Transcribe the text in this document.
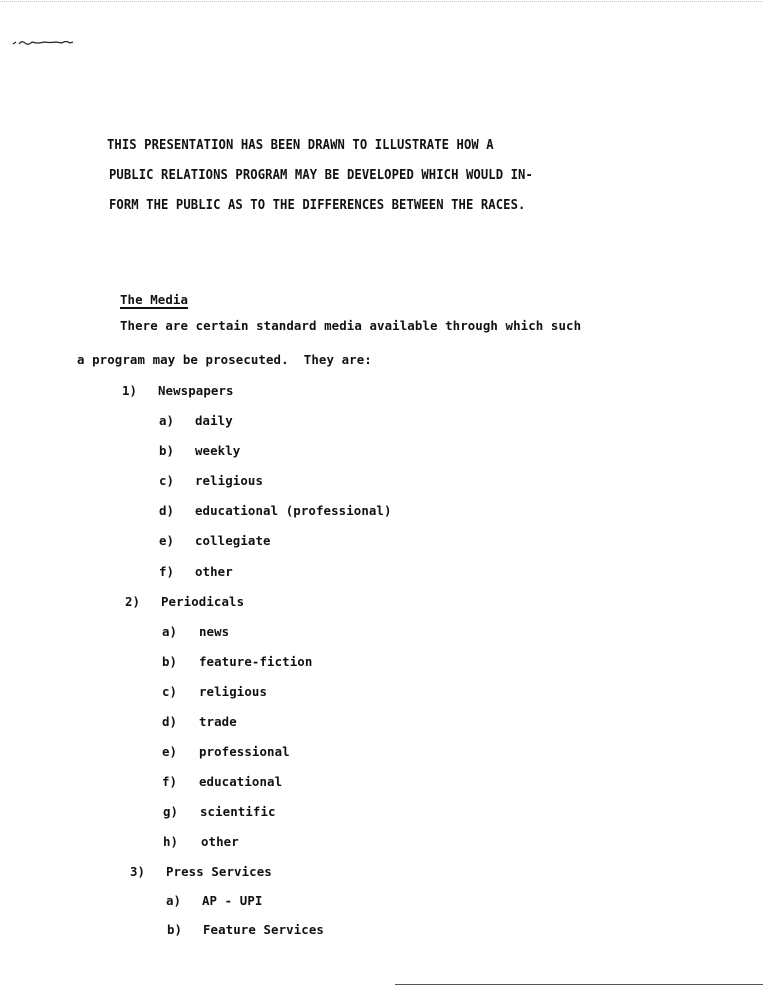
THIS PRESENTATION HAS BEEN DRAWN TO ILLUSTRATE HOW A
PUBLIC RELATIONS PROGRAM MAY BE DEVELOPED WHICH WOULD IN-
FORM THE PUBLIC AS TO THE DIFFERENCES BETWEEN THE RACES.
The Media
There are certain standard media available through which such
a program may be prosecuted.  They are:
1) Newspapers
a) daily
b) weekly
c) religious
d) educational (professional)
e) collegiate
f) other
2) Periodicals
a) news
b) feature-fiction
c) religious
d) trade
e) professional
f) educational
g) scientific
h) other
3) Press Services
a) AP - UPI
b) Feature Services
